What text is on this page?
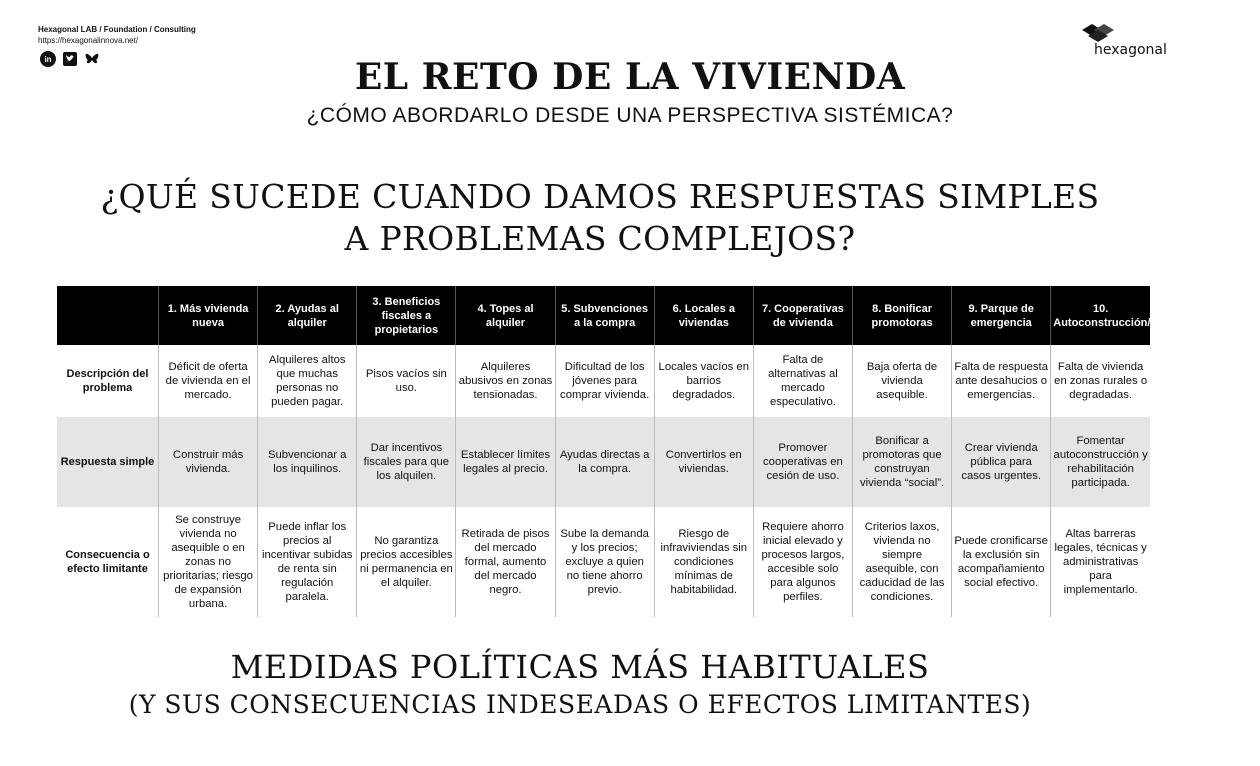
Hexagonal LAB / Foundation / Consulting
https://hexagonalinnova.net/
in
hexagonal
EL RETO DE LA VIVIENDA
¿CÓMO ABORDARLO DESDE UNA PERSPECTIVA SISTÉMICA?
¿QUÉ SUCEDE CUANDO DAMOS RESPUESTAS SIMPLES
A PROBLEMAS COMPLEJOS?
	1. Más vivienda nueva	2. Ayudas al alquiler	3. Beneficios fiscales a propietarios	4. Topes al alquiler	5. Subvenciones a la compra	6. Locales a viviendas	7. Cooperativas de vivienda	8. Bonificar promotoras	9. Parque de emergencia	10. Autoconstrucción/rehabilitación
Descripción del problema	Déficit de oferta de vivienda en el mercado.	Alquileres altos que muchas personas no pueden pagar.	Pisos vacíos sin uso.	Alquileres abusivos en zonas tensionadas.	Dificultad de los jóvenes para comprar vivienda.	Locales vacíos en barrios degradados.	Falta de alternativas al mercado especulativo.	Baja oferta de vivienda asequible.	Falta de respuesta ante desahucios o emergencias.	Falta de vivienda en zonas rurales o degradadas.
Respuesta simple	Construir más vivienda.	Subvencionar a los inquilinos.	Dar incentivos fiscales para que los alquilen.	Establecer límites legales al precio.	Ayudas directas a la compra.	Convertirlos en viviendas.	Promover cooperativas en cesión de uso.	Bonificar a promotoras que construyan vivienda “social”.	Crear vivienda pública para casos urgentes.	Fomentar autoconstrucción y rehabilitación participada.
Consecuencia o efecto limitante	Se construye vivienda no asequible o en zonas no prioritarias; riesgo de expansión urbana.	Puede inflar los precios al incentivar subidas de renta sin regulación paralela.	No garantiza precios accesibles ni permanencia en el alquiler.	Retirada de pisos del mercado formal, aumento del mercado negro.	Sube la demanda y los precios; excluye a quien no tiene ahorro previo.	Riesgo de infraviviendas sin condiciones mínimas de habitabilidad.	Requiere ahorro inicial elevado y procesos largos, accesible solo para algunos perfiles.	Criterios laxos, vivienda no siempre asequible, con caducidad de las condiciones.	Puede cronificarse la exclusión sin acompañamiento social efectivo.	Altas barreras legales, técnicas y administrativas para implementarlo.
MEDIDAS POLÍTICAS MÁS HABITUALES
(Y SUS CONSECUENCIAS INDESEADAS O EFECTOS LIMITANTES)
